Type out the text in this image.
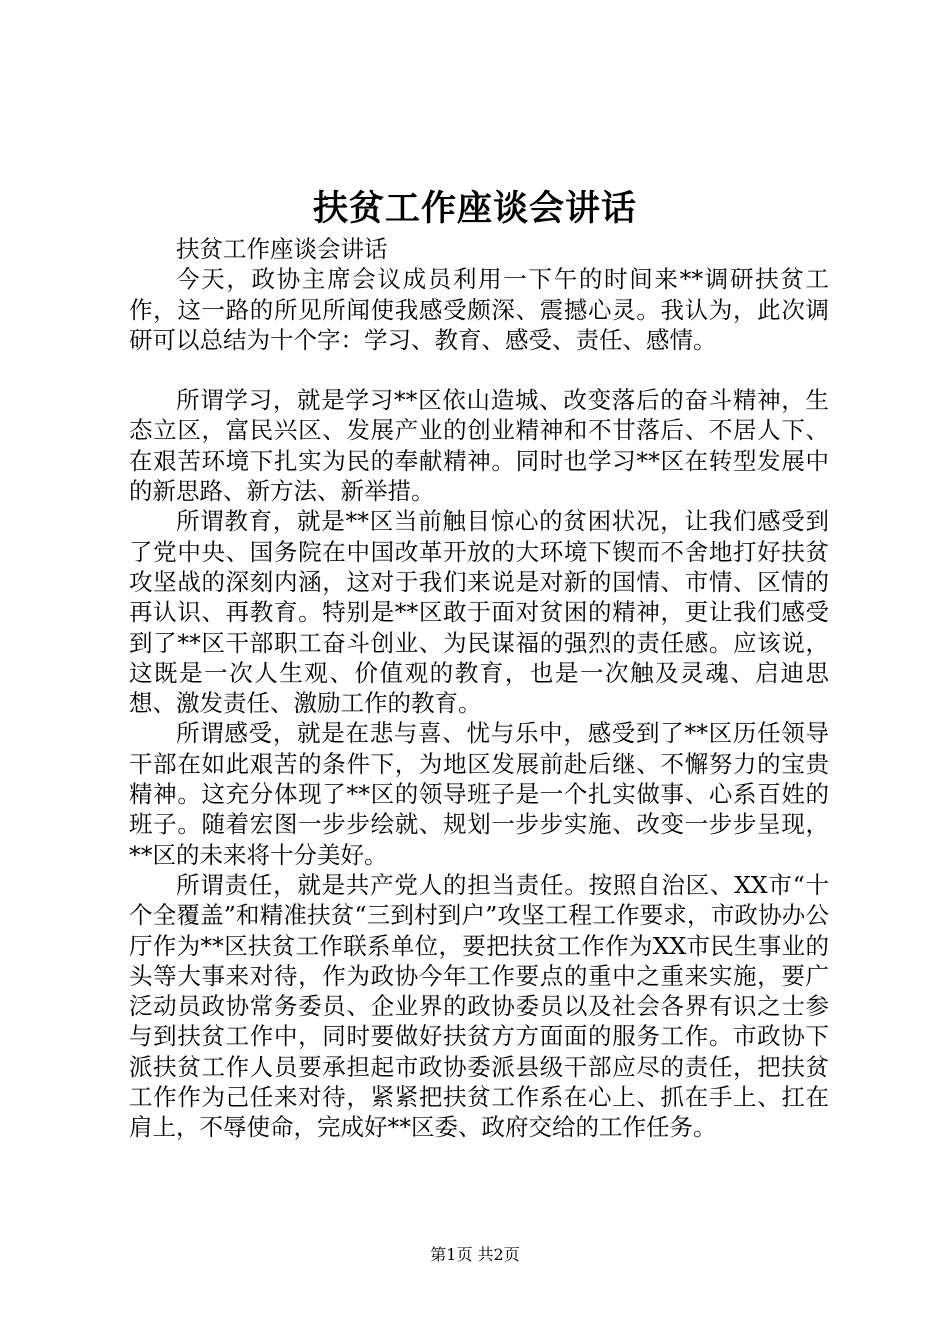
扶贫工作座谈会讲话

扶贫工作座谈会讲话

今天，政协主席会议成员利用一下午的时间来**调研扶贫工作，这一路的所见所闻使我感受颇深、震撼心灵。我认为，此次调研可以总结为十个字：学习、教育、感受、责任、感情。

所谓学习，就是学习**区依山造城、改变落后的奋斗精神，生态立区，富民兴区、发展产业的创业精神和不甘落后、不居人下、在艰苦环境下扎实为民的奉献精神。同时也学习**区在转型发展中的新思路、新方法、新举措。

所谓教育，就是**区当前触目惊心的贫困状况，让我们感受到了党中央、国务院在中国改革开放的大环境下锲而不舍地打好扶贫攻坚战的深刻内涵，这对于我们来说是对新的国情、市情、区情的再认识、再教育。特别是**区敢于面对贫困的精神，更让我们感受到了**区干部职工奋斗创业、为民谋福的强烈的责任感。应该说，这既是一次人生观、价值观的教育，也是一次触及灵魂、启迪思想、激发责任、激励工作的教育。

所谓感受，就是在悲与喜、忧与乐中，感受到了**区历任领导干部在如此艰苦的条件下，为地区发展前赴后继、不懈努力的宝贵精神。这充分体现了**区的领导班子是一个扎实做事、心系百姓的班子。随着宏图一步步绘就、规划一步步实施、改变一步步呈现，**区的未来将十分美好。

所谓责任，就是共产党人的担当责任。按照自治区、XX市“十个全覆盖”和精准扶贫“三到村到户”攻坚工程工作要求，市政协办公厅作为**区扶贫工作联系单位，要把扶贫工作作为XX市民生事业的头等大事来对待，作为政协今年工作要点的重中之重来实施，要广泛动员政协常务委员、企业界的政协委员以及社会各界有识之士参与到扶贫工作中，同时要做好扶贫方方面面的服务工作。市政协下派扶贫工作人员要承担起市政协委派县级干部应尽的责任，把扶贫工作作为己任来对待，紧紧把扶贫工作系在心上、抓在手上、扛在肩上，不辱使命，完成好**区委、政府交给的工作任务。

第1页 共2页
